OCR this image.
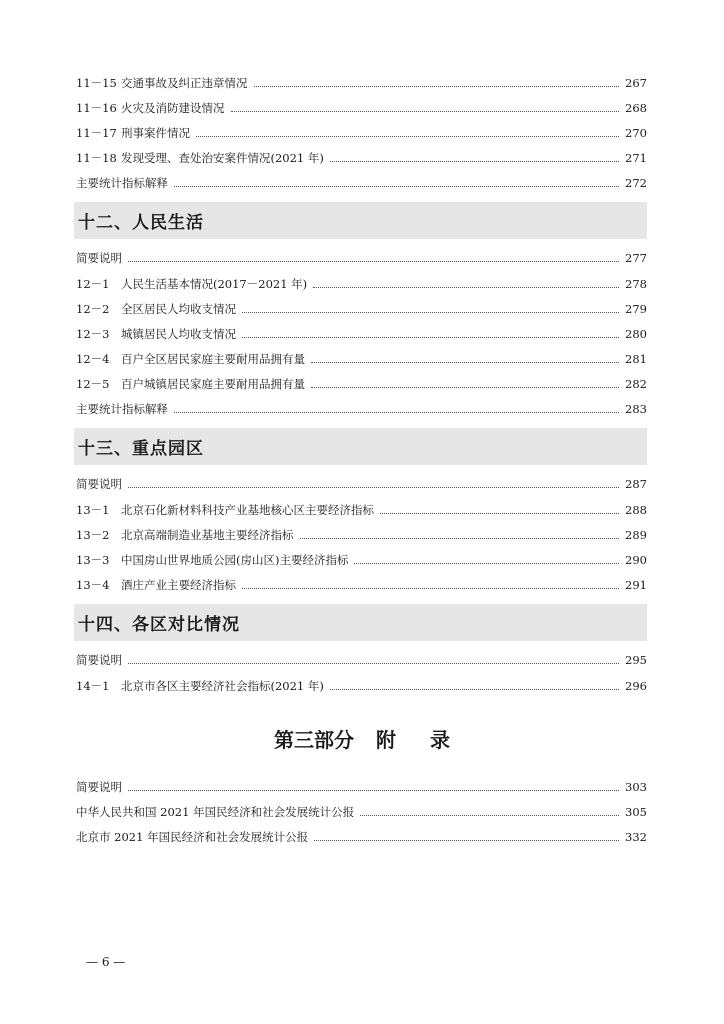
11－15 交通事故及纠正违章情况	267
11－16 火灾及消防建设情况	268
11－17 刑事案件情况	270
11－18 发现受理、查处治安案件情况(2021 年)	271
主要统计指标解释	272
十二、人民生活
简要说明	277
12－1	人民生活基本情况(2017－2021 年)	278
12－2	全区居民人均收支情况	279
12－3	城镇居民人均收支情况	280
12－4	百户全区居民家庭主要耐用品拥有量	281
12－5	百户城镇居民家庭主要耐用品拥有量	282
主要统计指标解释	283
十三、重点园区
简要说明	287
13－1	北京石化新材料科技产业基地核心区主要经济指标	288
13－2	北京高端制造业基地主要经济指标	289
13－3	中国房山世界地质公园(房山区)主要经济指标	290
13－4	酒庄产业主要经济指标	291
十四、各区对比情况
简要说明	295
14－1	北京市各区主要经济社会指标(2021 年)	296
第三部分 附 录
简要说明	303
中华人民共和国 2021 年国民经济和社会发展统计公报	305
北京市 2021 年国民经济和社会发展统计公报	332
— 6 —
